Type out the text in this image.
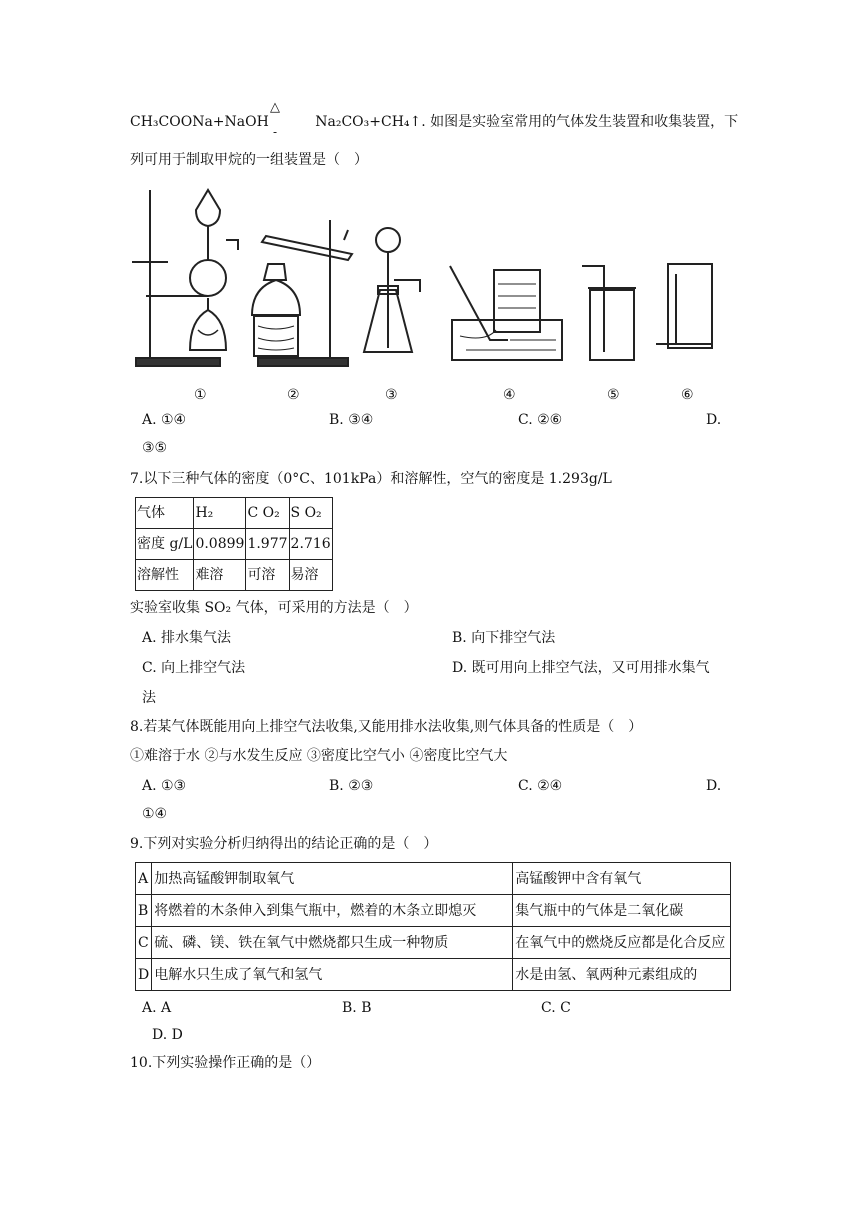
CH₃COONa+NaOH
△
-
Na₂CO₃+CH₄↑. 如图是实验室常用的气体发生装置和收集装置，下
列可用于制取甲烷的一组装置是（　）
①	②	③	④	⑤	⑥
A. ①④	B. ③④	C. ②⑥	D.
③⑤
7.以下三种气体的密度（0°C、101kPa）和溶解性，空气的密度是 1.293g/L
气体	H₂	C O₂	S O₂
密度 g/L	0.0899	1.977	2.716
溶解性	难溶	可溶	易溶
实验室收集 SO₂ 气体，可采用的方法是（　）
A. 排水集气法	B. 向下排空气法
C. 向上排空气法	D. 既可用向上排空气法，又可用排水集气
法
8.若某气体既能用向上排空气法收集,又能用排水法收集,则气体具备的性质是（　）
①难溶于水 ②与水发生反应 ③密度比空气小 ④密度比空气大
A. ①③	B. ②③	C. ②④	D.
①④
9.下列对实验分析归纳得出的结论正确的是（　）
A	加热高锰酸钾制取氧气	高锰酸钾中含有氧气
B	将燃着的木条伸入到集气瓶中，燃着的木条立即熄灭	集气瓶中的气体是二氧化碳
C	硫、磷、镁、铁在氧气中燃烧都只生成一种物质	在氧气中的燃烧反应都是化合反应
D	电解水只生成了氧气和氢气	水是由氢、氧两种元素组成的
A. A	B. B	C. C
D. D
10.下列实验操作正确的是（）
